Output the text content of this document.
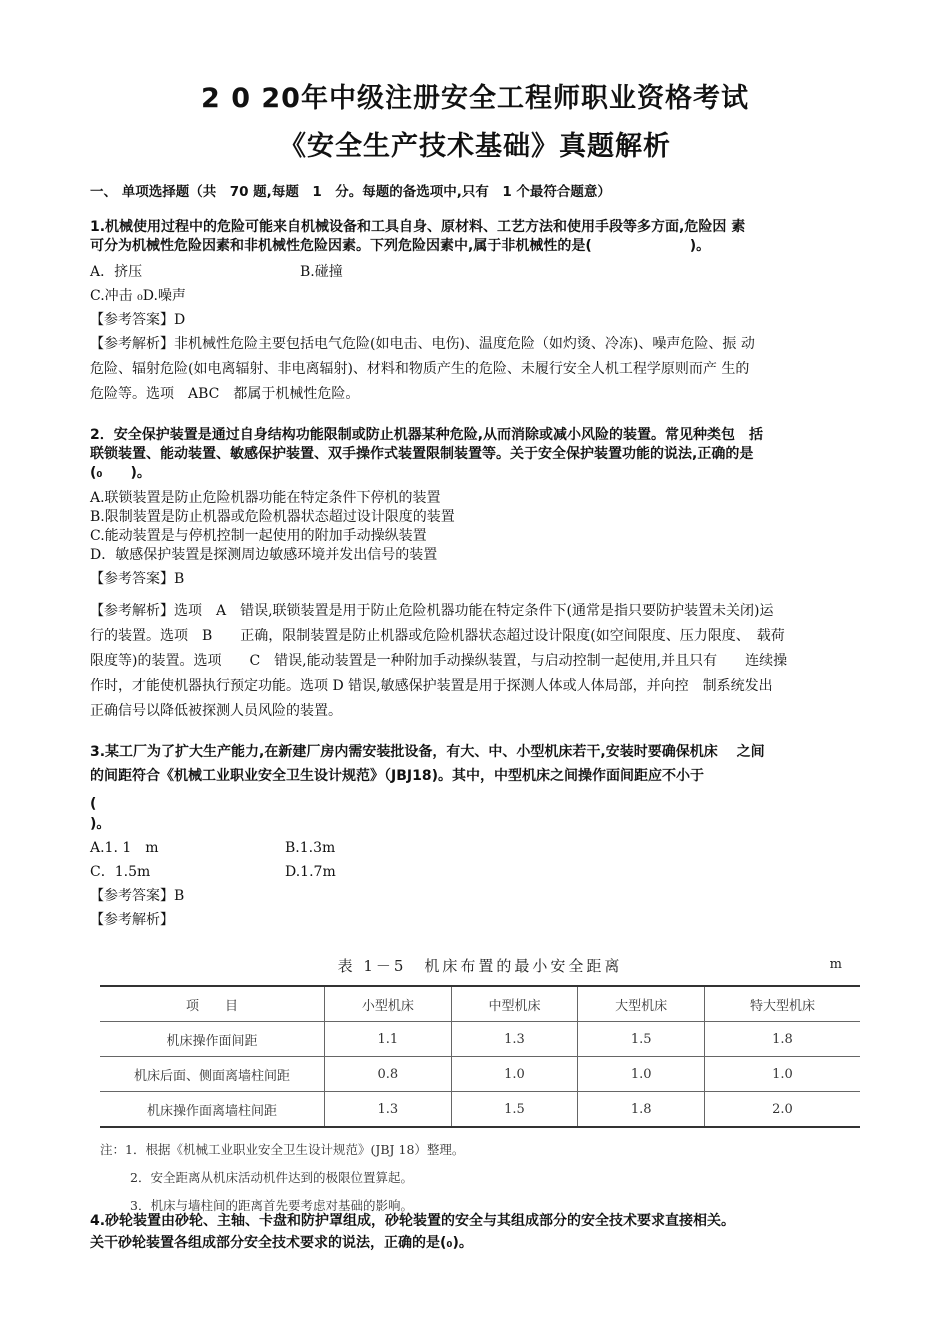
2 0 20年中级注册安全工程师职业资格考试
《安全生产技术基础》真题解析
一、 单项选择题（共　70 题,每题　1　分。每题的备选项中,只有　1 个最符合题意）
1.机械使用过程中的危险可能来自机械设备和工具自身、原材料、工艺方法和使用手段等多方面,危险因 素
可分为机械性危险因素和非机械性危险因素。下列危险因素中,属于非机械性的是(　　　　　　　)。
A．挤压	B.碰撞
C.冲击 ₀D.噪声
【参考答案】D
【参考解析】非机械性危险主要包括电气危险(如电击、电伤)、温度危险（如灼烫、冷冻)、噪声危险、振 动
危险、辐射危险(如电离辐射、非电离辐射)、材料和物质产生的危险、未履行安全人机工程学原则而产 生的
危险等。选项　ABC　都属于机械性危险。
2．安全保护装置是通过自身结构功能限制或防止机器某种危险,从而消除或减小风险的装置。常见种类包　括
联锁装置、能动装置、敏感保护装置、双手操作式装置限制装置等。关于安全保护装置功能的说法,正确的是
(₀　　)。
A.联锁装置是防止危险机器功能在特定条件下停机的装置
B.限制装置是防止机器或危险机器状态超过设计限度的装置
C.能动装置是与停机控制一起使用的附加手动操纵装置
D．敏感保护装置是探测周边敏感环境并发出信号的装置
【参考答案】B
【参考解析】选项　A　错误,联锁装置是用于防止危险机器功能在特定条件下(通常是指只要防护装置未关闭)运
行的装置。选项　B　　正确，限制装置是防止机器或危险机器状态超过设计限度(如空间限度、压力限度、　载荷
限度等)的装置。选项　　C　错误,能动装置是一种附加手动操纵装置，与启动控制一起使用,并且只有　　连续操
作时，才能使机器执行预定功能。选项 D 错误,敏感保护装置是用于探测人体或人体局部，并向控　制系统发出
正确信号以降低被探测人员风险的装置。
3.某工厂为了扩大生产能力,在新建厂房内需安装批设备，有大、中、小型机床若干,安装时要确保机床　 之间
的间距符合《机械工业职业安全卫生设计规范》（JBJ18)。其中，中型机床之间操作面间距应不小于
(
)。
A.1. 1　m	B.1.3m
C．1.5m	D.1.7m
【参考答案】B
【参考解析】
表 1－5　机床布置的最小安全距离	m
项　　目	小型机床	中型机床	大型机床	特大型机床
机床操作面间距	1.1	1.3	1.5	1.8
机床后面、侧面离墙柱间距	0.8	1.0	1.0	1.0
机床操作面离墙柱间距	1.3	1.5	1.8	2.0
注：1．根据《机械工业职业安全卫生设计规范》(JBJ 18）整理。
2．安全距离从机床活动机件达到的极限位置算起。
3．机床与墙柱间的距离首先要考虑对基础的影响。
4.砂轮装置由砂轮、主轴、卡盘和防护罩组成，砂轮装置的安全与其组成部分的安全技术要求直接相关。
关干砂轮装置各组成部分安全技术要求的说法，正确的是(₀)。
